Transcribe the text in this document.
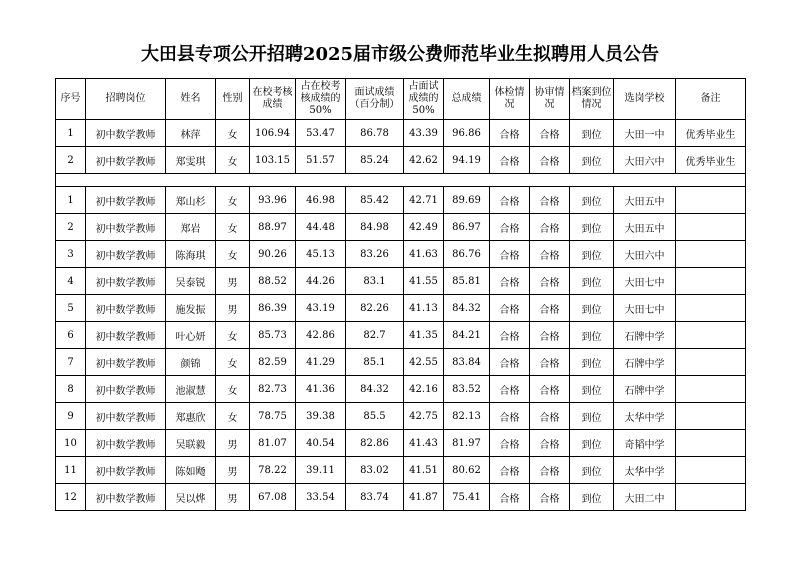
大田县专项公开招聘2025届市级公费师范毕业生拟聘用人员公告
序号	招聘岗位	姓名	性别	在校考核成绩	占在校考核成绩的50%	面试成绩（百分制）	占面试成绩的50%	总成绩	体检情况	协审情况	档案到位情况	选岗学校	备注
1	初中数学教师	林萍	女	106.94	53.47	86.78	43.39	96.86	合格	合格	到位	大田一中	优秀毕业生
2	初中数学教师	郑雯琪	女	103.15	51.57	85.24	42.62	94.19	合格	合格	到位	大田六中	优秀毕业生

1	初中数学教师	郑山杉	女	93.96	46.98	85.42	42.71	89.69	合格	合格	到位	大田五中	
2	初中数学教师	郑岩	女	88.97	44.48	84.98	42.49	86.97	合格	合格	到位	大田五中	
3	初中数学教师	陈海琪	女	90.26	45.13	83.26	41.63	86.76	合格	合格	到位	大田六中	
4	初中数学教师	吴泰锐	男	88.52	44.26	83.1	41.55	85.81	合格	合格	到位	大田七中	
5	初中数学教师	施发振	男	86.39	43.19	82.26	41.13	84.32	合格	合格	到位	大田七中	
6	初中数学教师	叶心妍	女	85.73	42.86	82.7	41.35	84.21	合格	合格	到位	石牌中学	
7	初中数学教师	颜锦	女	82.59	41.29	85.1	42.55	83.84	合格	合格	到位	石牌中学	
8	初中数学教师	池淑慧	女	82.73	41.36	84.32	42.16	83.52	合格	合格	到位	石牌中学	
9	初中数学教师	郑惠欣	女	78.75	39.38	85.5	42.75	82.13	合格	合格	到位	太华中学	
10	初中数学教师	吴联毅	男	81.07	40.54	82.86	41.43	81.97	合格	合格	到位	奇韬中学	
11	初中数学教师	陈如飏	男	78.22	39.11	83.02	41.51	80.62	合格	合格	到位	太华中学	
12	初中数学教师	吴以烨	男	67.08	33.54	83.74	41.87	75.41	合格	合格	到位	大田二中	
